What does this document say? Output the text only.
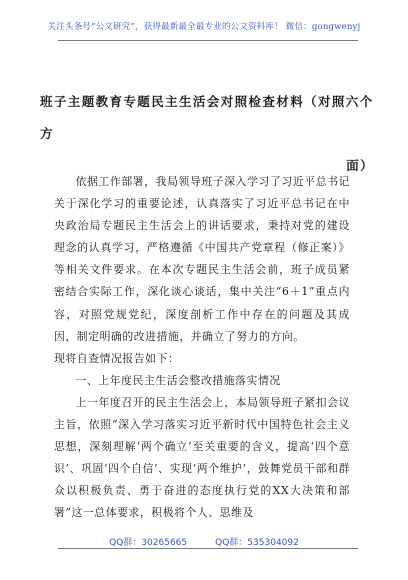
关注头条号“公文研究”，获得最新最全最专业的公文资料库！ 微信：gongwenyj
班子主题教育专题民主生活会对照检查材料（对照六个方
面）

依据工作部署，我局领导班子深入学习了习近平总书记关于深化学习的重要论述，认真落实了习近平总书记在中央政治局专题民主生活会上的讲话要求，秉持对党的建设理念的认真学习，严格遵循《中国共产党章程（修正案）》等相关文件要求。在本次专题民主生活会前，班子成员紧密结合实际工作，深化谈心谈话，集中关注“6＋1”重点内容，对照党规党纪，深度剖析工作中存在的问题及其成因，制定明确的改进措施，并确立了努力的方向。

现将自查情况报告如下：

一、上年度民主生活会整改措施落实情况

上一年度召开的民主生活会上，本局领导班子紧扣会议主旨，依照“深入学习落实习近平新时代中国特色社会主义思想，深刻理解‘两个确立’至关重要的含义，提高‘四个意识’、巩固‘四个自信’、实现‘两个维护’，鼓舞党员干部和群众以积极负责、勇于奋进的态度执行党的XX大决策和部署”这一总体要求，积极将个人、思维及

QQ群：30265665	QQ群：535304092
